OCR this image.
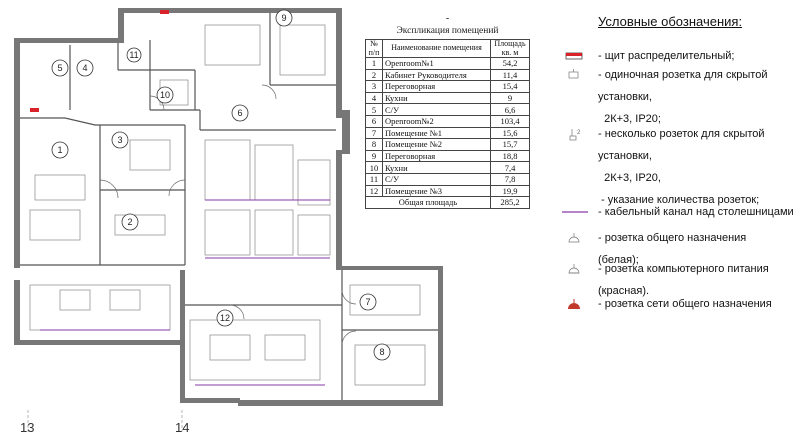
1
2
3
4
5
6
7
8
9
10
11
12
13	14
-
Экспликация помещений
№ п/п	Наименование помещения	Площадь кв. м
1	Openroom№1	54,2
2	Кабинет Руководителя	11,4
3	Переговорная	15,4
4	Кухни	9
5	С/У	6,6
6	Openroom№2	103,4
7	Помещение №1	15,6
8	Помещение №2	15,7
9	Переговорная	18,8
10	Кухни	7,4
11	С/У	7,8
12	Помещение №3	19,9
Общая площадь		285,2
Условные обозначения:
- щит распределительный;
- одиночная розетка для скрытой
установки,
2К+3, IP20;
2 - несколько розеток для скрытой
установки,
2К+3, IP20,
- указание количества розеток;
- кабельный канал над столешницами
- розетка общего назначения
(белая);
- розетка компьютерного питания
(красная).
- розетка сети общего назначения
